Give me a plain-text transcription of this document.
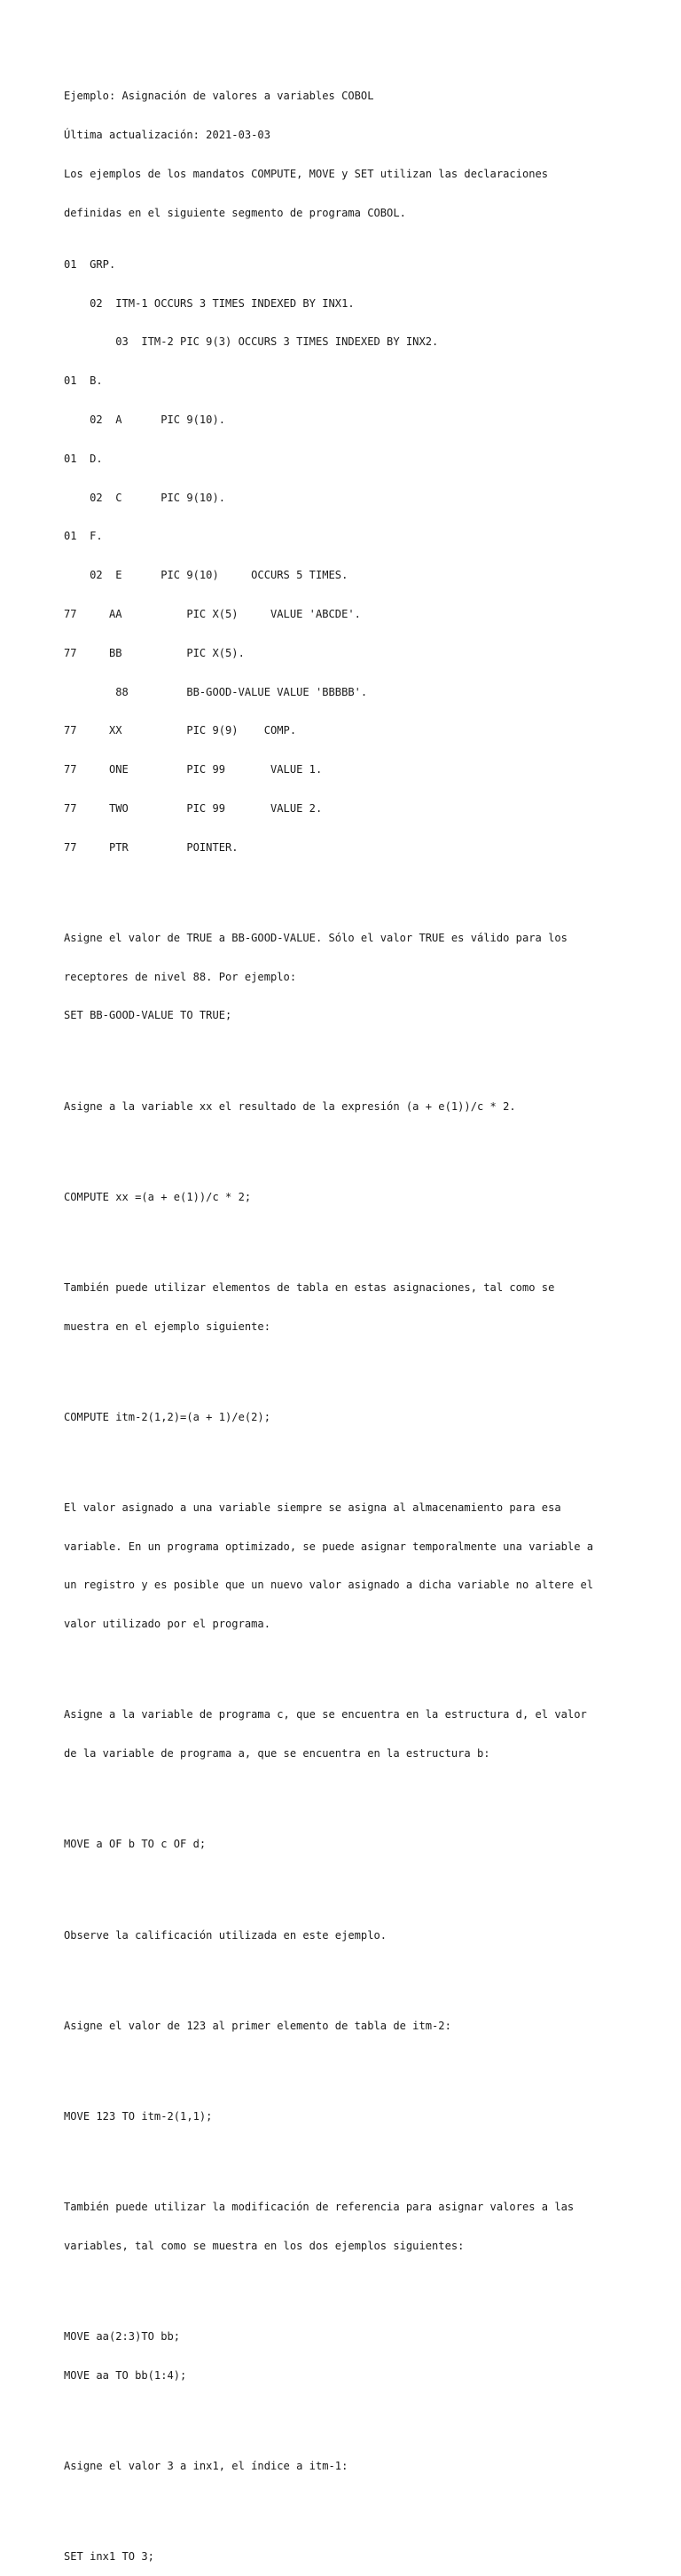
Ejemplo: Asignación de valores a variables COBOL

Última actualización: 2021-03-03

Los ejemplos de los mandatos COMPUTE, MOVE y SET utilizan las declaraciones

definidas en el siguiente segmento de programa COBOL.

01  GRP.

02  ITM-1 OCCURS 3 TIMES INDEXED BY INX1.

03  ITM-2 PIC 9(3) OCCURS 3 TIMES INDEXED BY INX2.

01  B.

02  A      PIC 9(10).

01  D.

02  C      PIC 9(10).

01  F.

02  E      PIC 9(10)     OCCURS 5 TIMES.

77     AA          PIC X(5)     VALUE 'ABCDE'.

77     BB          PIC X(5).

88         BB-GOOD-VALUE VALUE 'BBBBB'.

77     XX          PIC 9(9)    COMP.

77     ONE         PIC 99       VALUE 1.

77     TWO         PIC 99       VALUE 2.

77     PTR         POINTER.

Asigne el valor de TRUE a BB-GOOD-VALUE. Sólo el valor TRUE es válido para los

receptores de nivel 88. Por ejemplo:

SET BB-GOOD-VALUE TO TRUE;

Asigne a la variable xx el resultado de la expresión (a + e(1))/c * 2.

COMPUTE xx =(a + e(1))/c * 2;

También puede utilizar elementos de tabla en estas asignaciones, tal como se

muestra en el ejemplo siguiente:

COMPUTE itm-2(1,2)=(a + 1)/e(2);

El valor asignado a una variable siempre se asigna al almacenamiento para esa

variable. En un programa optimizado, se puede asignar temporalmente una variable a

un registro y es posible que un nuevo valor asignado a dicha variable no altere el

valor utilizado por el programa.

Asigne a la variable de programa c, que se encuentra en la estructura d, el valor

de la variable de programa a, que se encuentra en la estructura b:

MOVE a OF b TO c OF d;

Observe la calificación utilizada en este ejemplo.

Asigne el valor de 123 al primer elemento de tabla de itm-2:

MOVE 123 TO itm-2(1,1);

También puede utilizar la modificación de referencia para asignar valores a las

variables, tal como se muestra en los dos ejemplos siguientes:

MOVE aa(2:3)TO bb;

MOVE aa TO bb(1:4);

Asigne el valor 3 a inx1, el índice a itm-1:

SET inx1 TO 3;
